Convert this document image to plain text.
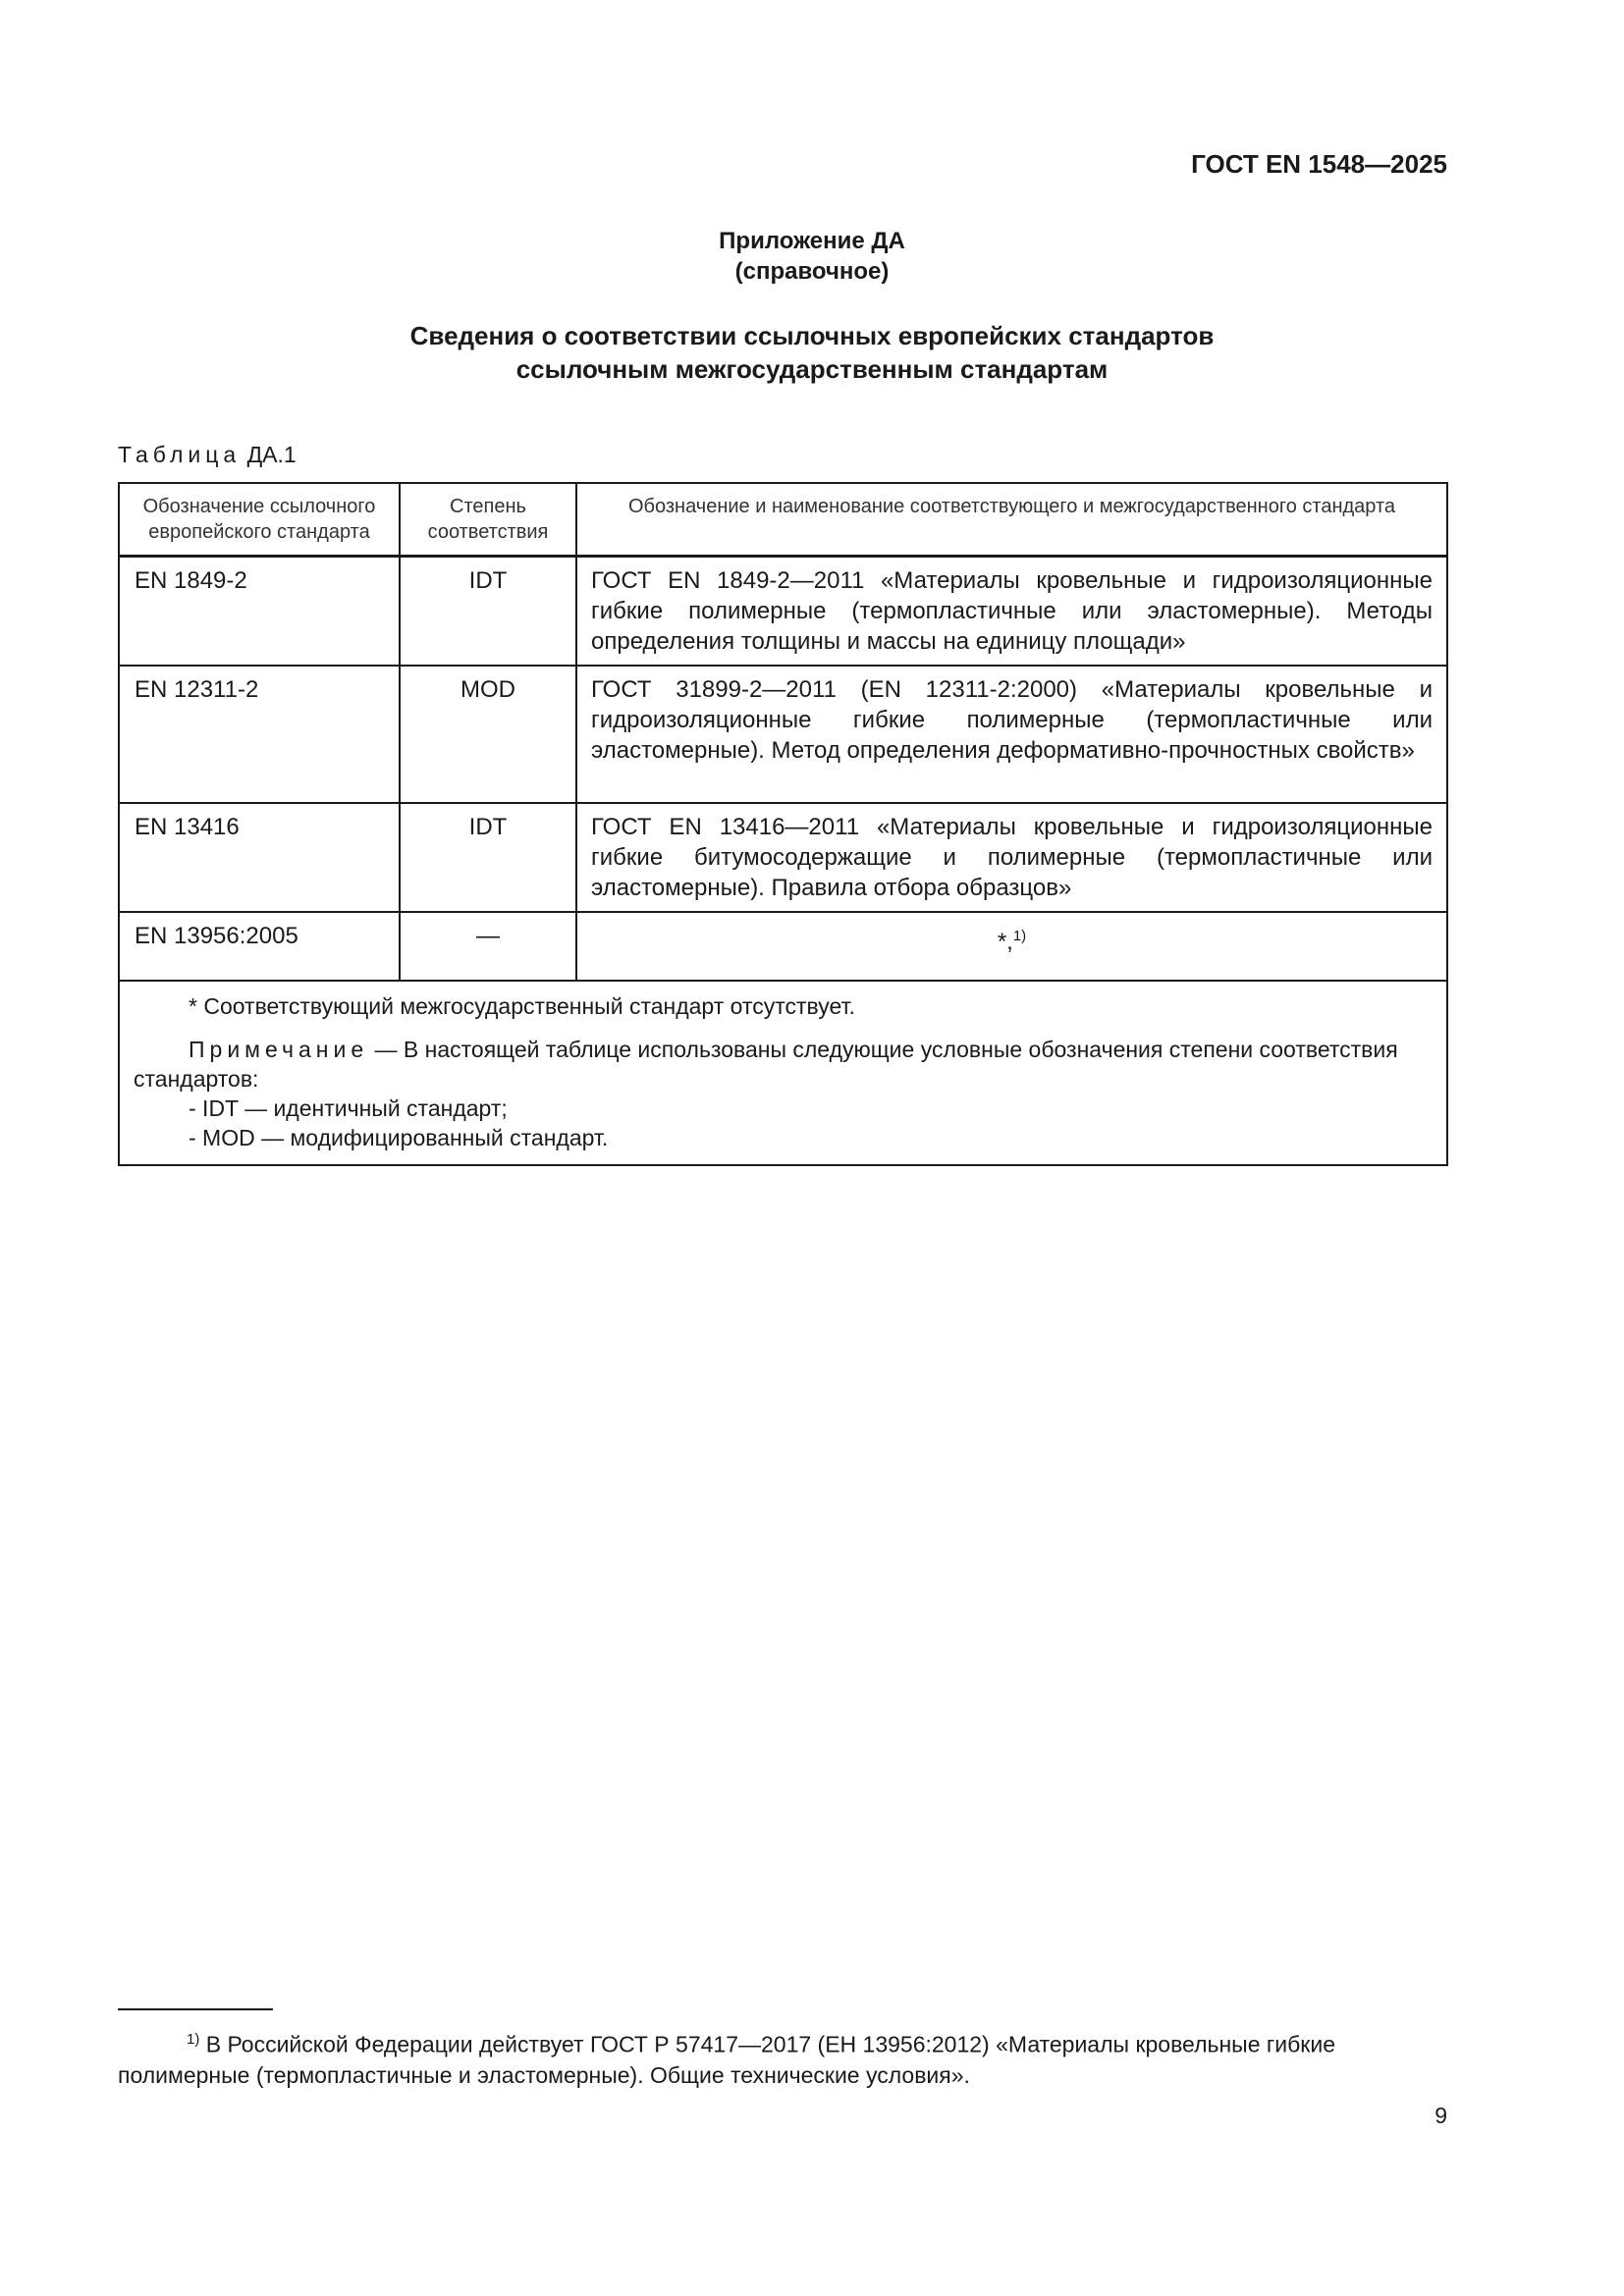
ГОСТ EN 1548—2025
Приложение ДА
(справочное)
Сведения о соответствии ссылочных европейских стандартов
ссылочным межгосударственным стандартам
Таблица ДА.1
Обозначение ссылочного европейского стандарта	Степень соответствия	Обозначение и наименование соответствующего и межгосударственного стандарта
EN 1849-2	IDT	ГОСТ EN 1849-2—2011 «Материалы кровельные и гидроизоляционные гибкие полимерные (термопластичные или эластомерные). Методы определения толщины и массы на единицу площади»
EN 12311-2	MOD	ГОСТ 31899-2—2011 (EN 12311-2:2000) «Материалы кровельные и гидроизоляционные гибкие полимерные (термопластичные или эластомерные). Метод определения деформативно-прочностных свойств»
EN 13416	IDT	ГОСТ EN 13416—2011 «Материалы кровельные и гидроизоляционные гибкие битумосодержащие и полимерные (термопластичные или эластомерные). Правила отбора образцов»
EN 13956:2005	—	*,$^{1)}$

* Соответствующий межгосударственный стандарт отсутствует.
Примечание — В настоящей таблице использованы следующие условные обозначения степени соответствия стандартов:
- IDT — идентичный стандарт;
- MOD — модифицированный стандарт.		
$^{1)}$ В Российской Федерации действует ГОСТ Р 57417—2017 (ЕН 13956:2012) «Материалы кровельные гибкие полимерные (термопластичные и эластомерные). Общие технические условия».
9
